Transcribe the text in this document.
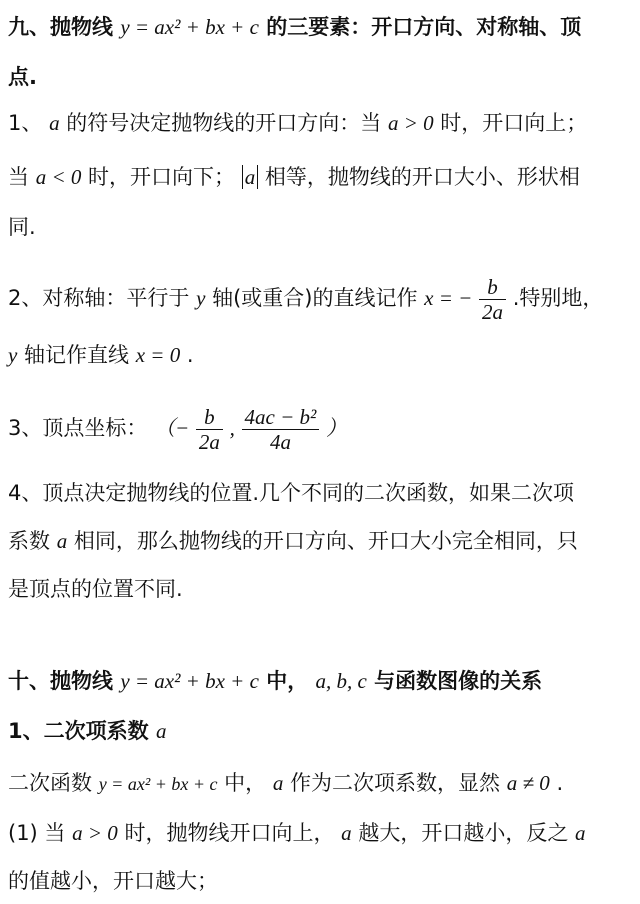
九、抛物线 y = ax² + bx + c 的三要素：开口方向、对称轴、顶
点.
1、 a 的符号决定抛物线的开口方向：当 a > 0 时，开口向上；
当 a < 0 时，开口向下； a 相等，抛物线的开口大小、形状相
同.
2、对称轴：平行于 y 轴(或重合)的直线记作 x = − $\frac{b}{2a}$ .特别地，
y 轴记作直线 x = 0 .
3、顶点坐标： （− $\frac{b}{2a}$ , $\frac{\text{4ac − b²}}{4a}$ ）
4、顶点决定抛物线的位置.几个不同的二次函数，如果二次项
系数 a 相同，那么抛物线的开口方向、开口大小完全相同，只
是顶点的位置不同.
十、抛物线 y = ax² + bx + c 中， a, b, c 与函数图像的关系
1、二次项系数 a
二次函数 y = ax² + bx + c 中， a 作为二次项系数，显然 a ≠ 0 .
(1) 当 a > 0 时，抛物线开口向上， a 越大，开口越小，反之 a
的值越小，开口越大；
